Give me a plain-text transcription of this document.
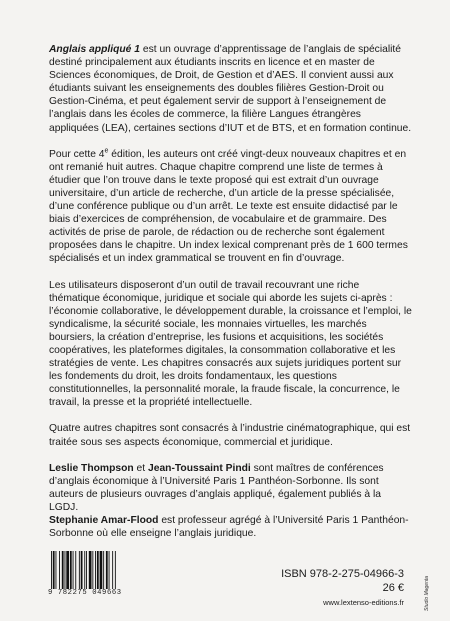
Anglais appliqué 1 est un ouvrage d’apprentissage de l’anglais de spécialité destiné principalement aux étudiants inscrits en licence et en master de Sciences économiques, de Droit, de Gestion et d’AES. Il convient aussi aux étudiants suivant les enseignements des doubles filières Gestion-Droit ou Gestion-Cinéma, et peut également servir de support à l’enseignement de l’anglais dans les écoles de commerce, la filière Langues étrangères appliquées (LEA), certaines sections d’IUT et de BTS, et en formation continue.

Pour cette 4e édition, les auteurs ont créé vingt-deux nouveaux chapitres et en ont remanié huit autres. Chaque chapitre comprend une liste de termes à étudier que l’on trouve dans le texte proposé qui est extrait d’un ouvrage universitaire, d’un article de recherche, d’un article de la presse spécialisée, d’une conférence publique ou d’un arrêt. Le texte est ensuite didactisé par le biais d’exercices de compréhension, de vocabulaire et de grammaire. Des activités de prise de parole, de rédaction ou de recherche sont également proposées dans le chapitre. Un index lexical comprenant près de 1 600 termes spécialisés et un index grammatical se trouvent en fin d’ouvrage.

Les utilisateurs disposeront d’un outil de travail recouvrant une riche thématique économique, juridique et sociale qui aborde les sujets ci-après : l’économie collaborative, le développement durable, la croissance et l’emploi, le syndicalisme, la sécurité sociale, les monnaies virtuelles, les marchés boursiers, la création d’entreprise, les fusions et acquisitions, les sociétés coopératives, les plateformes digitales, la consommation collaborative et les stratégies de vente. Les chapitres consacrés aux sujets juridiques portent sur les fondements du droit, les droits fondamentaux, les questions constitutionnelles, la personnalité morale, la fraude fiscale, la concurrence, le travail, la presse et la propriété intellectuelle.

Quatre autres chapitres sont consacrés à l’industrie cinématographique, qui est traitée sous ses aspects économique, commercial et juridique.

Leslie Thompson et Jean-Toussaint Pindi sont maîtres de conférences d’anglais économique à l’Université Paris 1 Panthéon-Sorbonne. Ils sont auteurs de plusieurs ouvrages d’anglais appliqué, également publiés à la LGDJ.

Stephanie Amar-Flood est professeur agrégé à l’Université Paris 1 Panthéon-Sorbonne où elle enseigne l’anglais juridique.

9 782275 049663
ISBN 978-2-275-04966-3
26 €
www.lextenso-editions.fr	Studio Magenta
